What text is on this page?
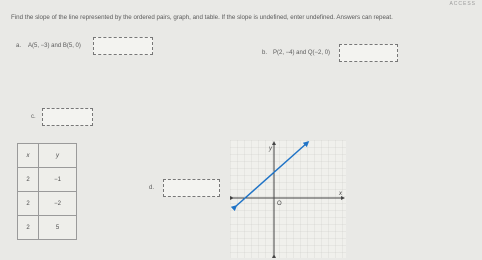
ACCESS
Find the slope of the line represented by the ordered pairs, graph, and table. If the slope is undefined, enter undefined. Answers can repeat.
a. A(5, −3) and B(5, 0)
b. P(2, −4) and Q(−2, 0)
c.
d.
x	y
2	−1
2	−2
2	5
y
x
O
